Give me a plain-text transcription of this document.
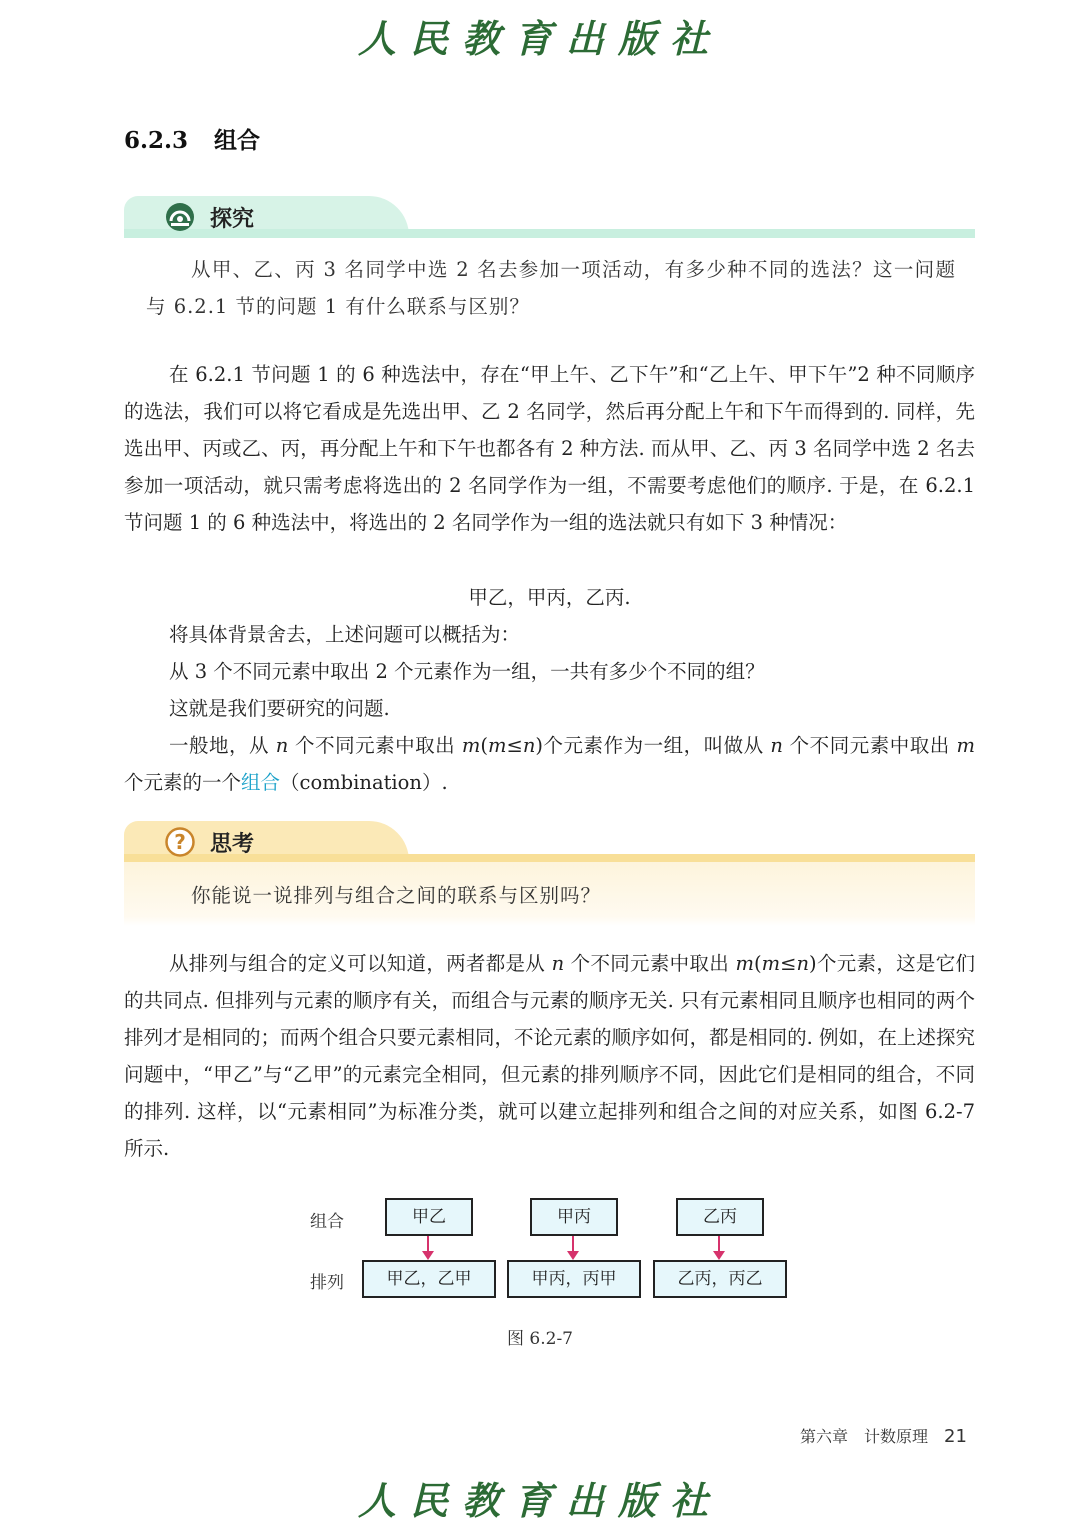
人民教育出版社
6.2.3 组合
探究

从甲、乙、丙 3 名同学中选 2 名去参加一项活动，有多少种不同的选法？这一问题与 6.2.1 节的问题 1 有什么联系与区别？

在 6.2.1 节问题 1 的 6 种选法中，存在“甲上午、乙下午”和“乙上午、甲下午”2 种不同顺序的选法，我们可以将它看成是先选出甲、乙 2 名同学，然后再分配上午和下午而得到的. 同样，先选出甲、丙或乙、丙，再分配上午和下午也都各有 2 种方法. 而从甲、乙、丙 3 名同学中选 2 名去参加一项活动，就只需考虑将选出的 2 名同学作为一组，不需要考虑他们的顺序. 于是，在 6.2.1 节问题 1 的 6 种选法中，将选出的 2 名同学作为一组的选法就只有如下 3 种情况：

甲乙，甲丙，乙丙.

将具体背景舍去，上述问题可以概括为：

从 3 个不同元素中取出 2 个元素作为一组，一共有多少个不同的组？

这就是我们要研究的问题.

一般地，从 n 个不同元素中取出 m(m≤n)个元素作为一组，叫做从 n 个不同元素中取出 m 个元素的一个组合（combination）.

? 思考

你能说一说排列与组合之间的联系与区别吗？

从排列与组合的定义可以知道，两者都是从 n 个不同元素中取出 m(m≤n)个元素，这是它们的共同点. 但排列与元素的顺序有关，而组合与元素的顺序无关. 只有元素相同且顺序也相同的两个排列才是相同的；而两个组合只要元素相同，不论元素的顺序如何，都是相同的. 例如，在上述探究问题中，“甲乙”与“乙甲”的元素完全相同，但元素的排列顺序不同，因此它们是相同的组合，不同的排列. 这样，以“元素相同”为标准分类，就可以建立起排列和组合之间的对应关系，如图 6.2-7 所示.

组合
排列
甲乙	甲丙	乙丙
甲乙，乙甲	甲丙，丙甲	乙丙，丙乙
图 6.2-7
第六章　计数原理 21
人民教育出版社
